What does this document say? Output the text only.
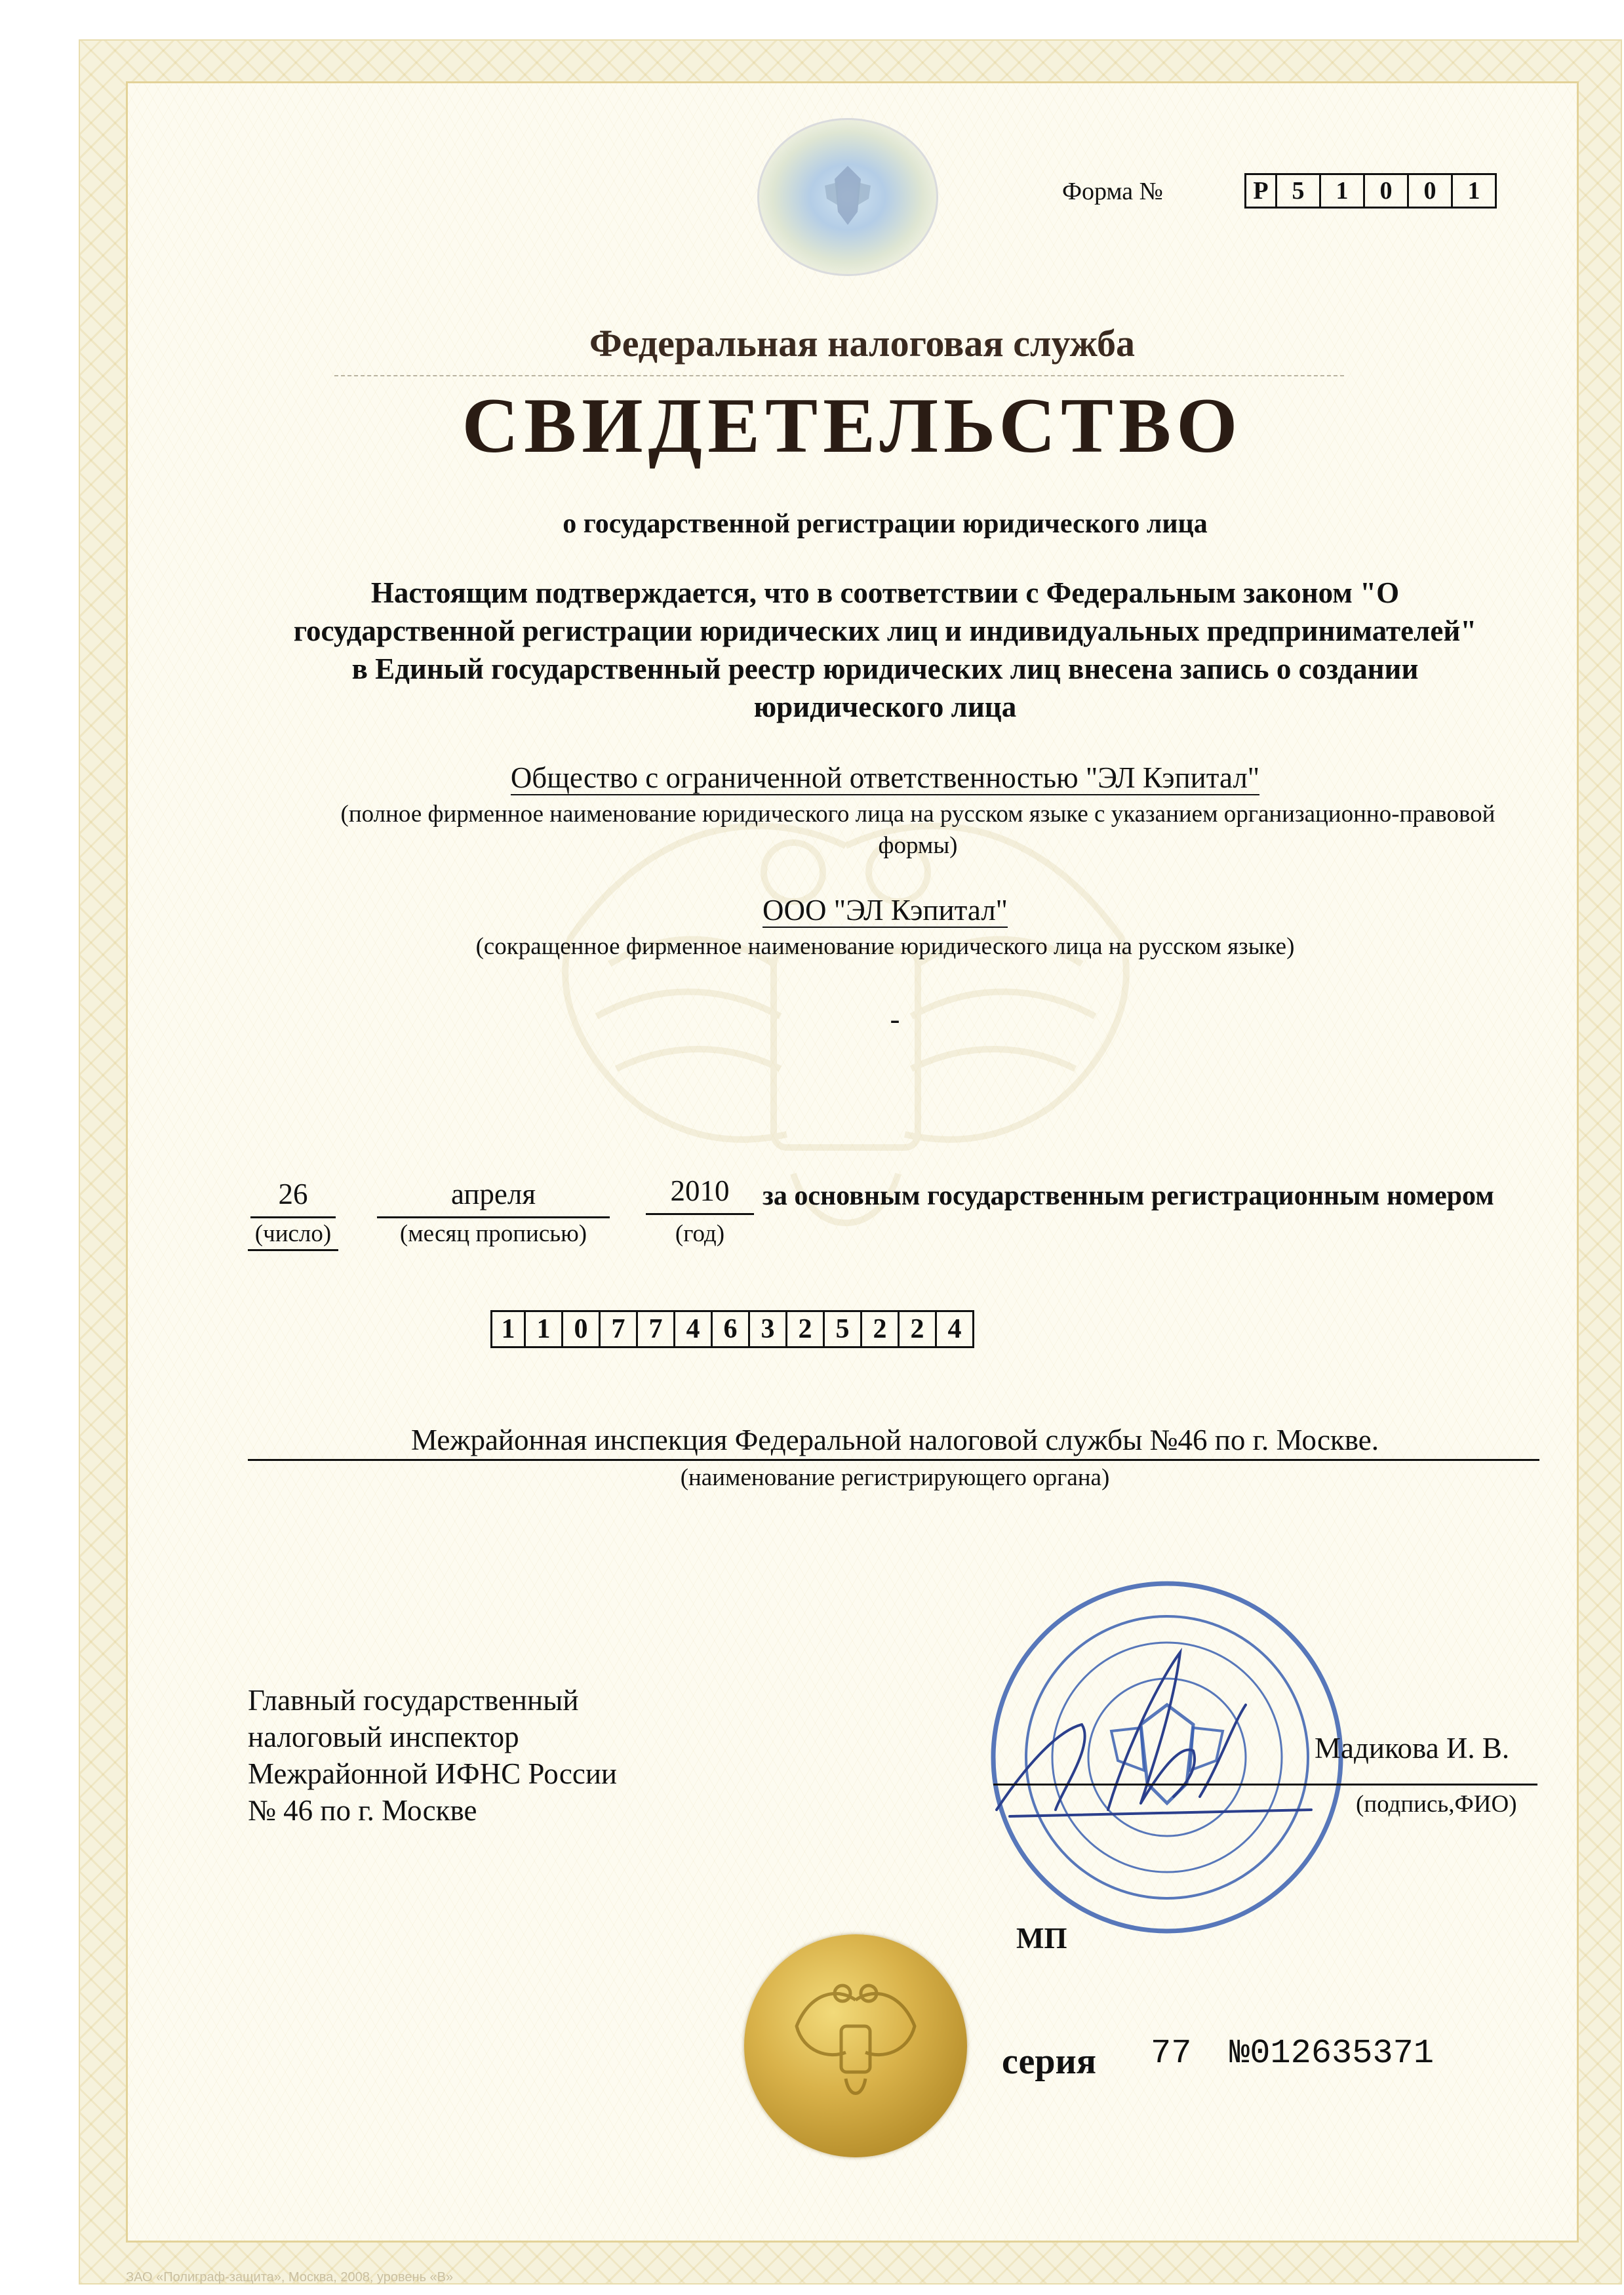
Форма №	Р 5	1	0	0	1
Федеральная налоговая служба
СВИДЕТЕЛЬСТВО
о государственной регистрации юридического лица
Настоящим подтверждается, что в соответствии с Федеральным законом "О
государственной регистрации юридических лиц и индивидуальных предпринимателей"
в Единый государственный реестр юридических лиц внесена запись о создании
юридического лица
Общество с ограниченной ответственностью "ЭЛ Кэпитал"
(полное фирменное наименование юридического лица на русском языке с указанием организационно-правовой
формы)
ООО "ЭЛ Кэпитал"
(сокращенное фирменное наименование юридического лица на русском языке)
-
26
(число)
апреля
(месяц прописью)
2010
(год)
за основным государственным регистрационным номером
1 1 0 7 7 4 6 3 2 5 2 2 4
Межрайонная инспекция Федеральной налоговой службы №46 по г. Москве.
(наименование регистрирующего органа)
Главный государственный
налоговый инспектор
Межрайонной ИФНС России
№ 46 по г. Москве
Мадикова И. В.
(подпись,ФИО)
МП
серия 77 №012635371
ЗАО «Полиграф-защита», Москва, 2008, уровень «В»
